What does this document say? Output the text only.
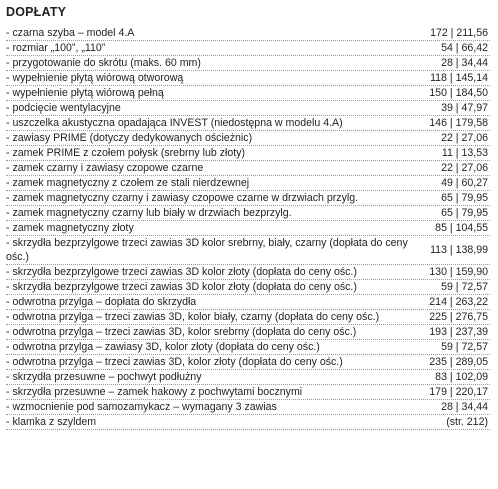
DOPŁATY
- czarna szyba – model 4.A	172 | 211,56
- rozmiar „100”, „110”	54 | 66,42
- przygotowanie do skrótu (maks. 60 mm)	28 | 34,44
- wypełnienie płytą wiórową otworową	118 | 145,14
- wypełnienie płytą wiórową pełną	150 | 184,50
- podcięcie wentylacyjne	39 | 47,97
- uszczelka akustyczna opadająca INVEST (niedostępna w modelu 4.A)	146 | 179,58
- zawiasy PRIME (dotyczy dedykowanych ościeżnic)	22 | 27,06
- zamek PRIME z czołem połysk (srebrny lub złoty)	11 | 13,53
- zamek czarny i zawiasy czopowe czarne	22 | 27,06
- zamek magnetyczny z czołem ze stali nierdzewnej	49 | 60,27
- zamek magnetyczny czarny i zawiasy czopowe czarne w drzwiach przylg.	65 | 79,95
- zamek magnetyczny czarny lub biały w drzwiach bezprzylg.	65 | 79,95
- zamek magnetyczny złoty	85 | 104,55
- skrzydła bezprzylgowe trzeci zawias 3D kolor srebrny, biały, czarny (dopłata do ceny ośc.)
113 | 138,99
- skrzydła bezprzylgowe trzeci zawias 3D kolor złoty (dopłata do ceny ośc.)	130 | 159,90
- skrzydła bezprzylgowe trzeci zawias 3D kolor złoty (dopłata do ceny ośc.)	59 | 72,57
- odwrotna przylga – dopłata do skrzydła	214 | 263,22
- odwrotna przylga – trzeci zawias 3D, kolor biały, czarny (dopłata do ceny ośc.)	225 | 276,75
- odwrotna przylga – trzeci zawias 3D, kolor srebrny (dopłata do ceny ośc.)	193 | 237,39
- odwrotna przylga – zawiasy 3D, kolor złoty (dopłata do ceny ośc.)	59 | 72,57
- odwrotna przylga – trzeci zawias 3D, kolor złoty (dopłata do ceny ośc.)	235 | 289,05
- skrzydła przesuwne – pochwyt podłużny	83 | 102,09
- skrzydła przesuwne – zamek hakowy z pochwytami bocznymi	179 | 220,17
- wzmocnienie pod samozamykacz – wymagany 3 zawias	28 | 34,44
- klamka z szyldem	(str. 212)
